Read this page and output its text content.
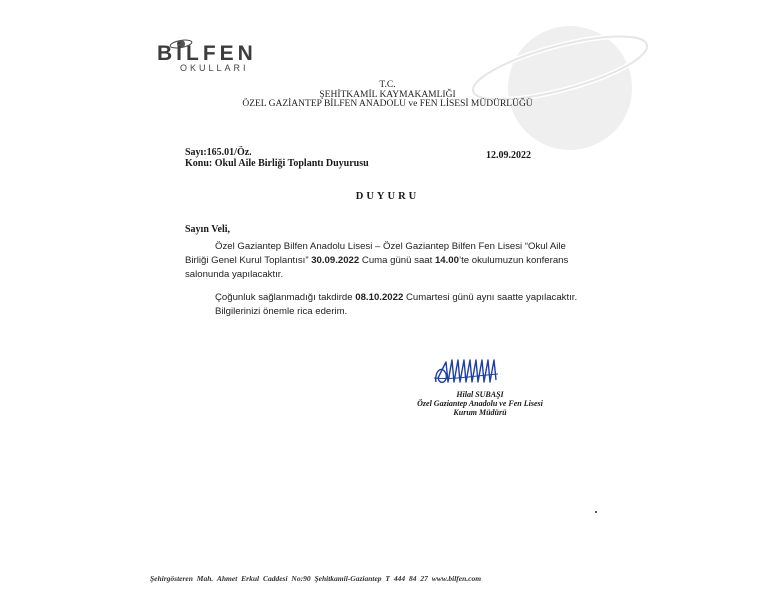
BİLFEN
OKULLARI
T.C.
ŞEHİTKAMİL KAYMAKAMLIĞI
ÖZEL GAZİANTEP BİLFEN ANADOLU ve FEN LİSESİ MÜDÜRLÜĞÜ
Sayı:165.01/Öz.
Konu: Okul Aile Birliği Toplantı Duyurusu
12.09.2022
DUYURU
Sayın Veli,

Özel Gaziantep Bilfen Anadolu Lisesi – Özel Gaziantep Bilfen Fen Lisesi “Okul Aile Birliği Genel Kurul Toplantısı” 30.09.2022 Cuma günü saat 14.00’te okulumuzun konferans salonunda yapılacaktır.

Çoğunluk sağlanmadığı takdirde 08.10.2022 Cumartesi günü aynı saatte yapılacaktır.
Bilgilerinizi önemle rica ederim.
Hilal SUBAŞI
Özel Gaziantep Anadolu ve Fen Lisesi
Kurum Müdürü
Şehirgösteren Mah. Ahmet Erkul Caddesi No:90 Şehitkamil-Gaziantep T 444 84 27 www.bilfen.com
